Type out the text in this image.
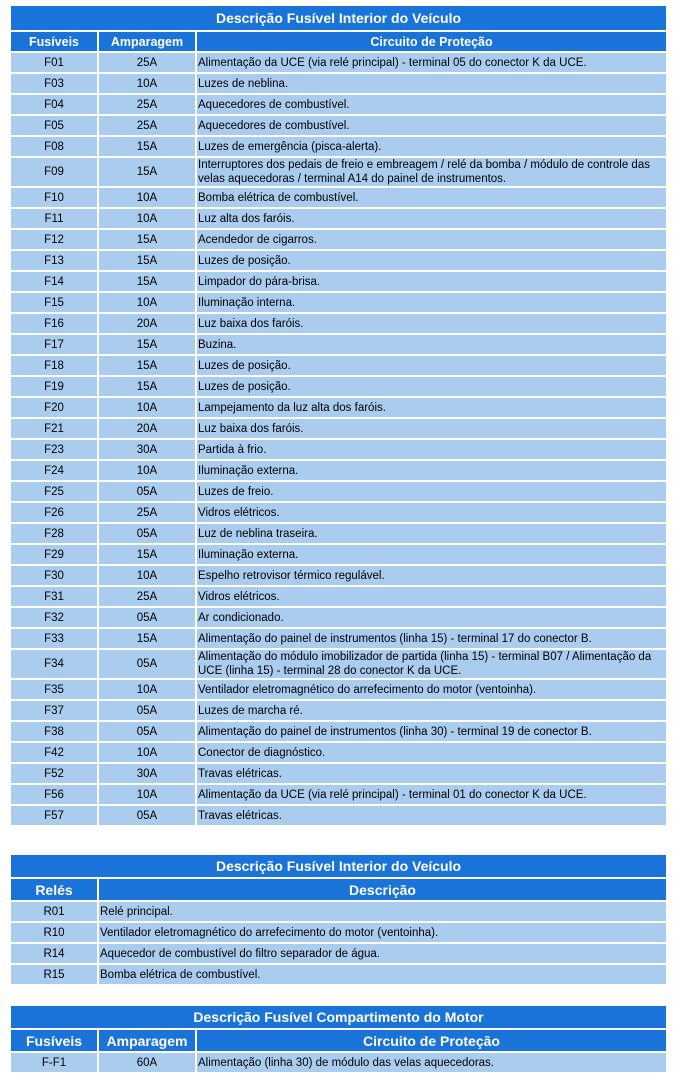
Descrição Fusível Interior do Veículo		
Fusíveis	Amparagem	Circuito de Proteção
F01	25A	Alimentação da UCE (via relé principal) - terminal 05 do conector K da UCE.
F03	10A	Luzes de neblina.
F04	25A	Aquecedores de combustível.
F05	25A	Aquecedores de combustível.
F08	15A	Luzes de emergência (pisca-alerta).
F09	15A	Interruptores dos pedais de freio e embreagem / relé da bomba / módulo de controle das velas aquecedoras / terminal A14 do painel de instrumentos.
F10	10A	Bomba elétrica de combustível.
F11	10A	Luz alta dos faróis.
F12	15A	Acendedor de cigarros.
F13	15A	Luzes de posição.
F14	15A	Limpador do pára-brisa.
F15	10A	Iluminação interna.
F16	20A	Luz baixa dos faróis.
F17	15A	Buzina.
F18	15A	Luzes de posição.
F19	15A	Luzes de posição.
F20	10A	Lampejamento da luz alta dos faróis.
F21	20A	Luz baixa dos faróis.
F23	30A	Partida à frio.
F24	10A	Iluminação externa.
F25	05A	Luzes de freio.
F26	25A	Vidros elétricos.
F28	05A	Luz de neblina traseira.
F29	15A	Iluminação externa.
F30	10A	Espelho retrovisor térmico regulável.
F31	25A	Vidros elétricos.
F32	05A	Ar condicionado.
F33	15A	Alimentação do painel de instrumentos (linha 15) - terminal 17 do conector B.
F34	05A	Alimentação do módulo imobilizador de partida (linha 15) - terminal B07 / Alimentação da UCE (linha 15) - terminal 28 do conector K da UCE.
F35	10A	Ventilador eletromagnético do arrefecimento do motor (ventoinha).
F37	05A	Luzes de marcha ré.
F38	05A	Alimentação do painel de instrumentos (linha 30) - terminal 19 de conector B.
F42	10A	Conector de diagnóstico.
F52	30A	Travas elétricas.
F56	10A	Alimentação da UCE (via relé principal) - terminal 01 do conector K da UCE.
F57	05A	Travas elétricas.
Descrição Fusível Interior do Veículo	
Relés	Descrição
R01	Relé principal.
R10	Ventilador eletromagnético do arrefecimento do motor (ventoinha).
R14	Aquecedor de combustível do filtro separador de água.
R15	Bomba elétrica de combustível.
Descrição Fusível Compartimento do Motor		
Fusíveis	Amparagem	Circuito de Proteção
F-F1	60A	Alimentação (linha 30) de módulo das velas aquecedoras.
